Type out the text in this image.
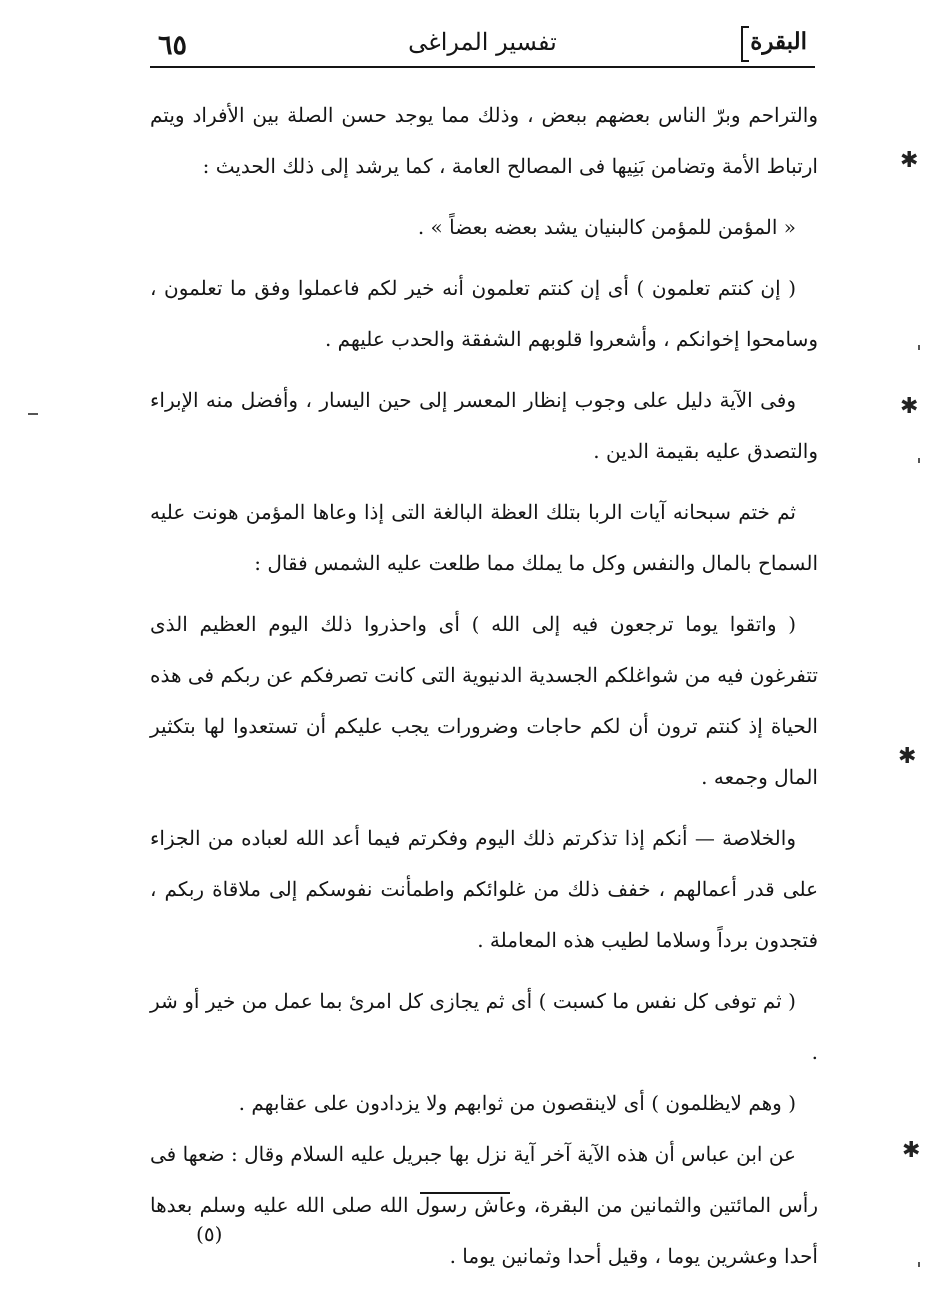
٦٥	تفسير المراغى	البقرة

والتراحم وبرّ الناس بعضهم ببعض ، وذلك مما يوجد حسن الصلة بين الأفراد ويتم ارتباط الأمة وتضامن بَنِيها فى المصالح العامة ، كما يرشد إلى ذلك الحديث :

« المؤمن للمؤمن كالبنيان يشد بعضه بعضاً » .

( إن كنتم تعلمون ) أى إن كنتم تعلمون أنه خير لكم فاعملوا وفق ما تعلمون ، وسامحوا إخوانكم ، وأشعروا قلوبهم الشفقة والحدب عليهم .

وفى الآية دليل على وجوب إنظار المعسر إلى حين اليسار ، وأفضل منه الإبراء والتصدق عليه بقيمة الدين .

ثم ختم سبحانه آيات الربا بتلك العظة البالغة التى إذا وعاها المؤمن هونت عليه السماح بالمال والنفس وكل ما يملك مما طلعت عليه الشمس فقال :

( واتقوا يوما ترجعون فيه إلى الله ) أى واحذروا ذلك اليوم العظيم الذى تتفرغون فيه من شواغلكم الجسدية الدنيوية التى كانت تصرفكم عن ربكم فى هذه الحياة إذ كنتم ترون أن لكم حاجات وضرورات يجب عليكم أن تستعدوا لها بتكثير المال وجمعه .

والخلاصة — أنكم إذا تذكرتم ذلك اليوم وفكرتم فيما أعد الله لعباده من الجزاء على قدر أعمالهم ، خفف ذلك من غلوائكم واطمأنت نفوسكم إلى ملاقاة ربكم ، فتجدون برداً وسلاما لطيب هذه المعاملة .

( ثم توفى كل نفس ما كسبت ) أى ثم يجازى كل امرئ بما عمل من خير أو شر .

( وهم لايظلمون ) أى لاينقصون من ثوابهم ولا يزدادون على عقابهم .

عن ابن عباس أن هذه الآية آخر آية نزل بها جبريل عليه السلام وقال : ضعها فى رأس المائتين والثمانين من البقرة، وعاش رسول الله صلى الله عليه وسلم بعدها أحدا وعشرين يوما ، وقيل أحدا وثمانين يوما .

(٥)
✱
✱
✱
✱
